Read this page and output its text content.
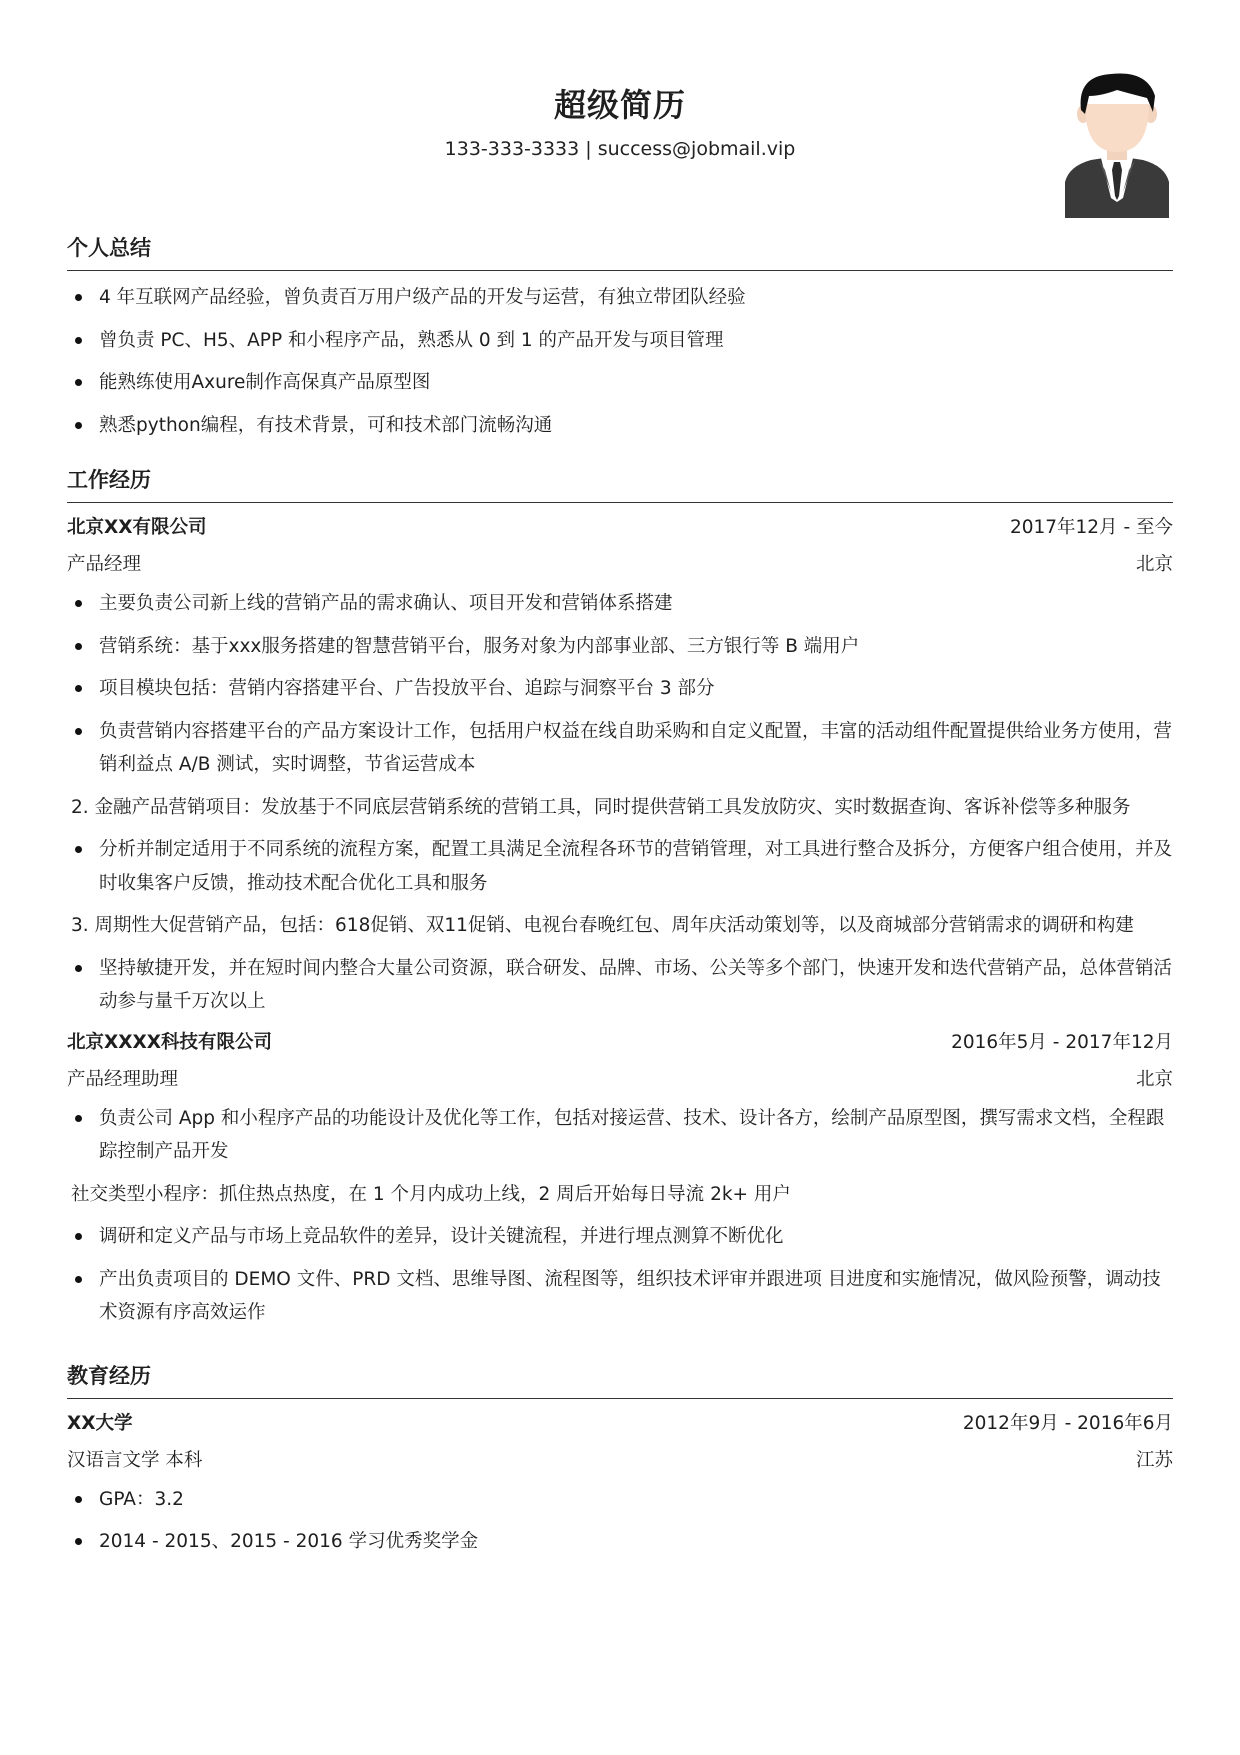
超级简历
133-333-3333 | success@jobmail.vip
个人总结
4 年互联网产品经验，曾负责百万用户级产品的开发与运营，有独立带团队经验
曾负责 PC、H5、APP 和小程序产品，熟悉从 0 到 1 的产品开发与项目管理
能熟练使用Axure制作高保真产品原型图
熟悉python编程，有技术背景，可和技术部门流畅沟通
工作经历
北京XX有限公司	2017年12月 - 至今
产品经理	北京
主要负责公司新上线的营销产品的需求确认、项目开发和营销体系搭建
营销系统：基于xxx服务搭建的智慧营销平台，服务对象为内部事业部、三方银行等 B 端用户
项目模块包括：营销内容搭建平台、广告投放平台、追踪与洞察平台 3 部分
负责营销内容搭建平台的产品方案设计工作，包括用户权益在线自助采购和自定义配置，丰富的活动组件配置提供给业务方使用，营销利益点 A/B 测试，实时调整，节省运营成本
2. 金融产品营销项目：发放基于不同底层营销系统的营销工具，同时提供营销工具发放防灾、实时数据查询、客诉补偿等多种服务
分析并制定适用于不同系统的流程方案，配置工具满足全流程各环节的营销管理，对工具进行整合及拆分，方便客户组合使用，并及时收集客户反馈，推动技术配合优化工具和服务
3. 周期性大促营销产品，包括：618促销、双11促销、电视台春晚红包、周年庆活动策划等，以及商城部分营销需求的调研和构建
坚持敏捷开发，并在短时间内整合大量公司资源，联合研发、品牌、市场、公关等多个部门，快速开发和迭代营销产品，总体营销活动参与量千万次以上
北京XXXX科技有限公司	2016年5月 - 2017年12月
产品经理助理	北京
负责公司 App 和小程序产品的功能设计及优化等工作，包括对接运营、技术、设计各方，绘制产品原型图，撰写需求文档，全程跟踪控制产品开发
社交类型小程序：抓住热点热度，在 1 个月内成功上线，2 周后开始每日导流 2k+ 用户
调研和定义产品与市场上竞品软件的差异，设计关键流程，并进行埋点测算不断优化
产出负责项目的 DEMO 文件、PRD 文档、思维导图、流程图等，组织技术评审并跟进项 目进度和实施情况，做风险预警，调动技术资源有序高效运作
教育经历
XX大学	2012年9月 - 2016年6月
汉语言文学 本科	江苏
GPA：3.2
2014 - 2015、2015 - 2016 学习优秀奖学金
